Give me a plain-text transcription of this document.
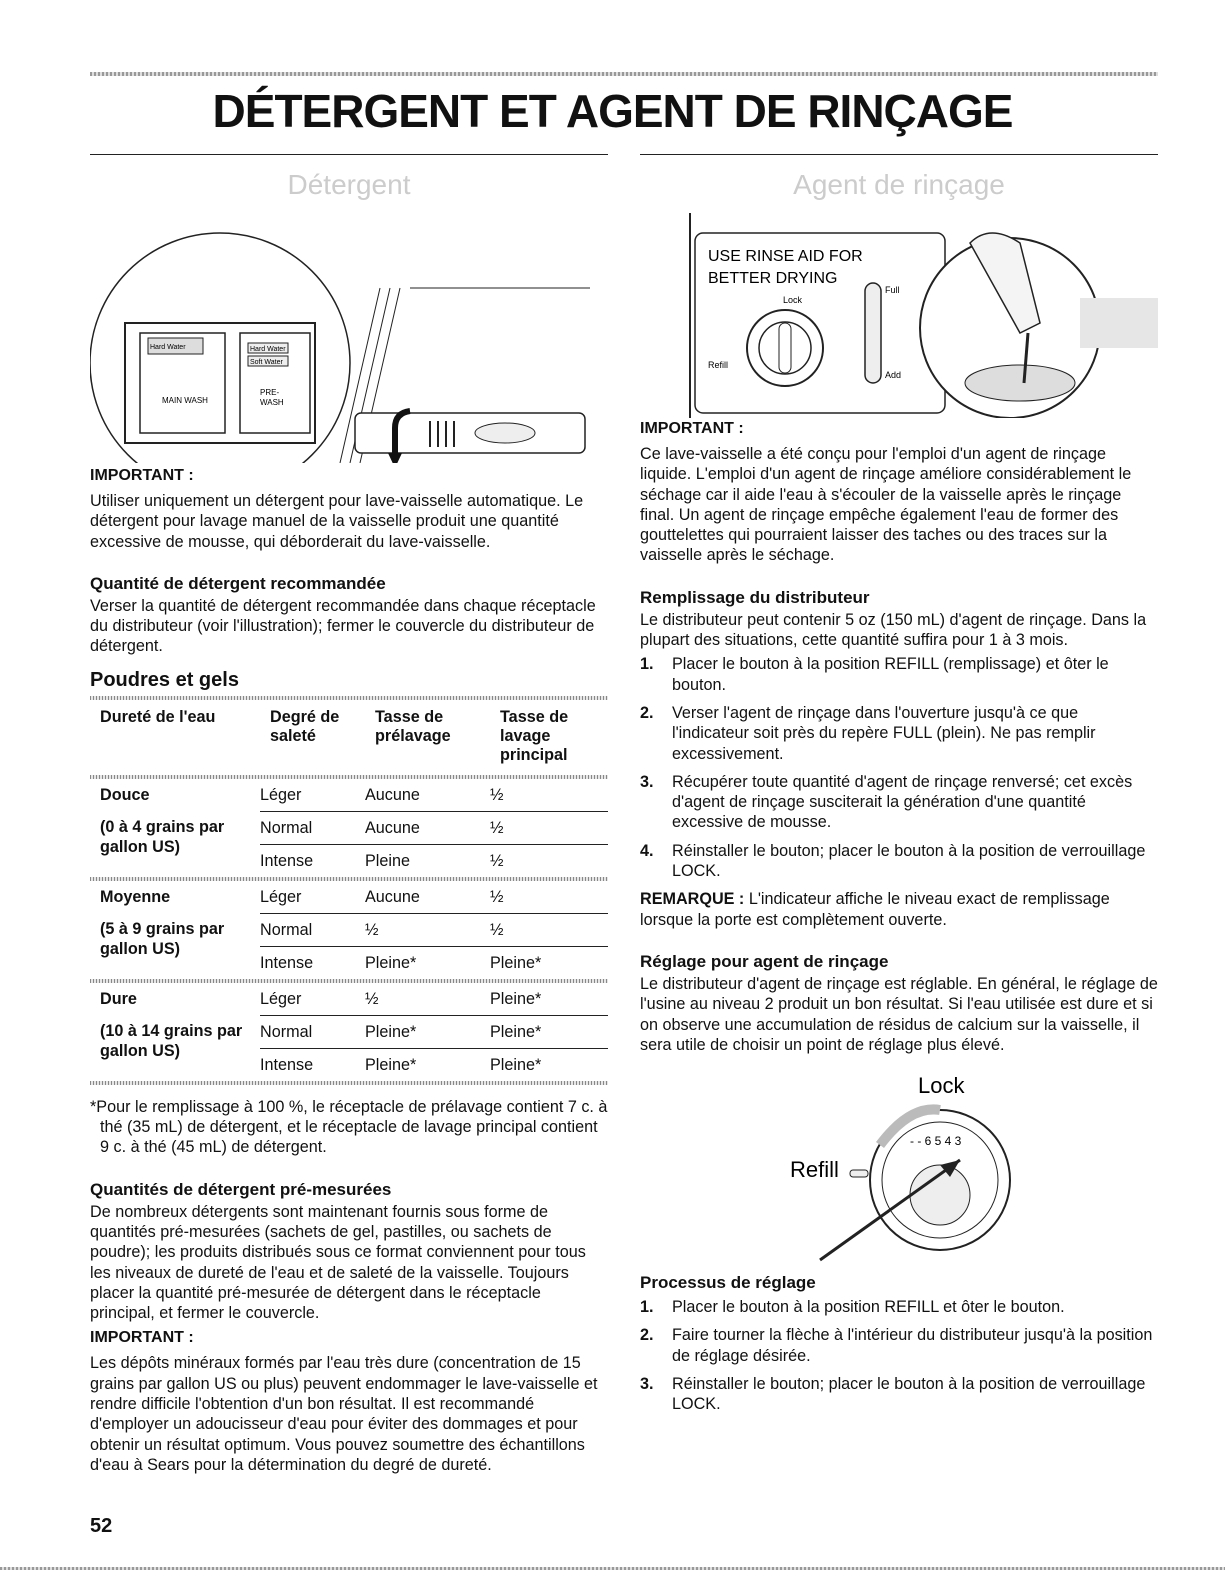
DÉTERGENT ET AGENT DE RINÇAGE
Détergent
Hard Water	Hard Water
Soft Water
MAIN WASH
PRE-
WASH
IMPORTANT :

Utiliser uniquement un détergent pour lave-vaisselle automatique. Le détergent pour lavage manuel de la vaisselle produit une quantité excessive de mousse, qui déborderait du lave-vaisselle.

Quantité de détergent recommandée

Verser la quantité de détergent recommandée dans chaque réceptacle du distributeur (voir l'illustration); fermer le couvercle du distributeur de détergent.

Poudres et gels
Dureté de l'eau	Degré de saleté	Tasse de prélavage	Tasse de lavage principal
Douce	Léger	Aucune	½
(0 à 4 grains par gallon US)	Normal	Aucune	½
	Intense	Pleine	½
Moyenne	Léger	Aucune	½
(5 à 9 grains par gallon US)	Normal	½	½
	Intense	Pleine*	Pleine*
Dure	Léger	½	Pleine*
(10 à 14 grains par gallon US)	Normal	Pleine*	Pleine*
	Intense	Pleine*	Pleine*

*Pour le remplissage à 100 %, le réceptacle de prélavage contient 7 c. à thé (35 mL) de détergent, et le réceptacle de lavage principal contient 9 c. à thé (45 mL) de détergent.

Quantités de détergent pré-mesurées

De nombreux détergents sont maintenant fournis sous forme de quantités pré-mesurées (sachets de gel, pastilles, ou sachets de poudre); les produits distribués sous ce format conviennent pour tous les niveaux de dureté de l'eau et de saleté de la vaisselle. Toujours placer la quantité pré-mesurée de détergent dans le réceptacle principal, et fermer le couvercle.

IMPORTANT :

Les dépôts minéraux formés par l'eau très dure (concentration de 15 grains par gallon US ou plus) peuvent endommager le lave-vaisselle et rendre difficile l'obtention d'un bon résultat. Il est recommandé d'employer un adoucisseur d'eau pour éviter des dommages et pour obtenir un résultat optimum. Vous pouvez soumettre des échantillons d'eau à Sears pour la détermination du degré de dureté.

Agent de rinçage
USE RINSE AID FOR
BETTER DRYING
Lock
Refill
Full
Add
IMPORTANT :

Ce lave-vaisselle a été conçu pour l'emploi d'un agent de rinçage liquide. L'emploi d'un agent de rinçage améliore considérablement le séchage car il aide l'eau à s'écouler de la vaisselle après le rinçage final. Un agent de rinçage empêche également l'eau de former des gouttelettes qui pourraient laisser des taches ou des traces sur la vaisselle après le séchage.

Remplissage du distributeur

Le distributeur peut contenir 5 oz (150 mL) d'agent de rinçage. Dans la plupart des situations, cette quantité suffira pour 1 à 3 mois.

1. Placer le bouton à la position REFILL (remplissage) et ôter le bouton.
2. Verser l'agent de rinçage dans l'ouverture jusqu'à ce que l'indicateur soit près du repère FULL (plein). Ne pas remplir excessivement.
3. Récupérer toute quantité d'agent de rinçage renversé; cet excès d'agent de rinçage susciterait la génération d'une quantité excessive de mousse.
4. Réinstaller le bouton; placer le bouton à la position de verrouillage LOCK.

REMARQUE : L'indicateur affiche le niveau exact de remplissage lorsque la porte est complètement ouverte.

Réglage pour agent de rinçage

Le distributeur d'agent de rinçage est réglable. En général, le réglage de l'usine au niveau 2 produit un bon résultat. Si l'eau utilisée est dure et si on observe une accumulation de résidus de calcium sur la vaisselle, il sera utile de choisir un point de réglage plus élevé.

Lock
Refill
- - 6 5 4 3
Processus de réglage
1. Placer le bouton à la position REFILL et ôter le bouton.
2. Faire tourner la flèche à l'intérieur du distributeur jusqu'à la position de réglage désirée.
3. Réinstaller le bouton; placer le bouton à la position de verrouillage LOCK.
52
